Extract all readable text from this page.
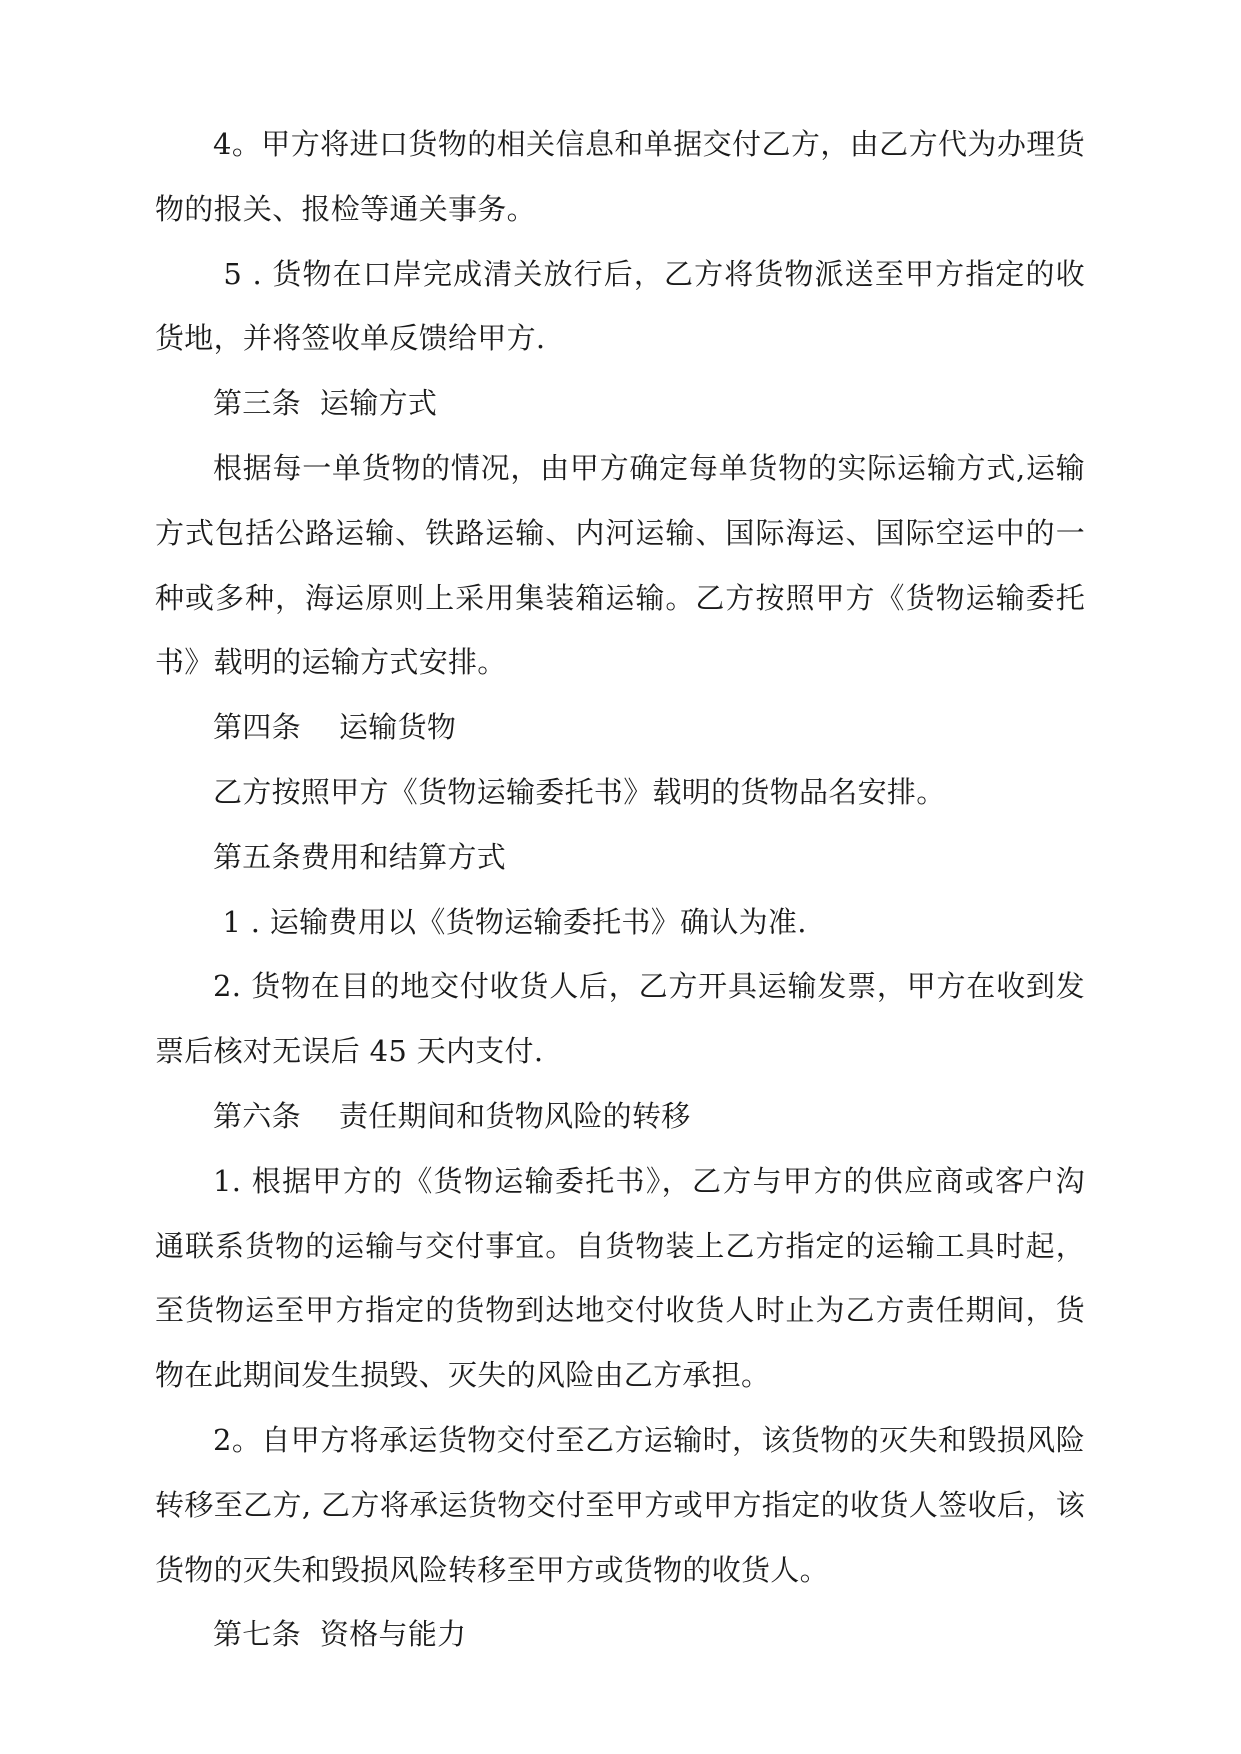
4。甲方将进口货物的相关信息和单据交付乙方，由乙方代为办理货物的报关、报检等通关事务。

5 . 货物在口岸完成清关放行后，乙方将货物派送至甲方指定的收货地，并将签收单反馈给甲方.

第三条  运输方式

根据每一单货物的情况，由甲方确定每单货物的实际运输方式,运输方式包括公路运输、铁路运输、内河运输、国际海运、国际空运中的一种或多种，海运原则上采用集装箱运输。乙方按照甲方《货物运输委托书》载明的运输方式安排。

第四条    运输货物

乙方按照甲方《货物运输委托书》载明的货物品名安排。

第五条费用和结算方式

1 . 运输费用以《货物运输委托书》确认为准.

2. 货物在目的地交付收货人后，乙方开具运输发票，甲方在收到发票后核对无误后 45 天内支付.

第六条    责任期间和货物风险的转移

1. 根据甲方的《货物运输委托书》，乙方与甲方的供应商或客户沟通联系货物的运输与交付事宜。自货物装上乙方指定的运输工具时起，至货物运至甲方指定的货物到达地交付收货人时止为乙方责任期间，货物在此期间发生损毁、灭失的风险由乙方承担。

2。自甲方将承运货物交付至乙方运输时，该货物的灭失和毁损风险转移至乙方, 乙方将承运货物交付至甲方或甲方指定的收货人签收后，该货物的灭失和毁损风险转移至甲方或货物的收货人。

第七条  资格与能力
